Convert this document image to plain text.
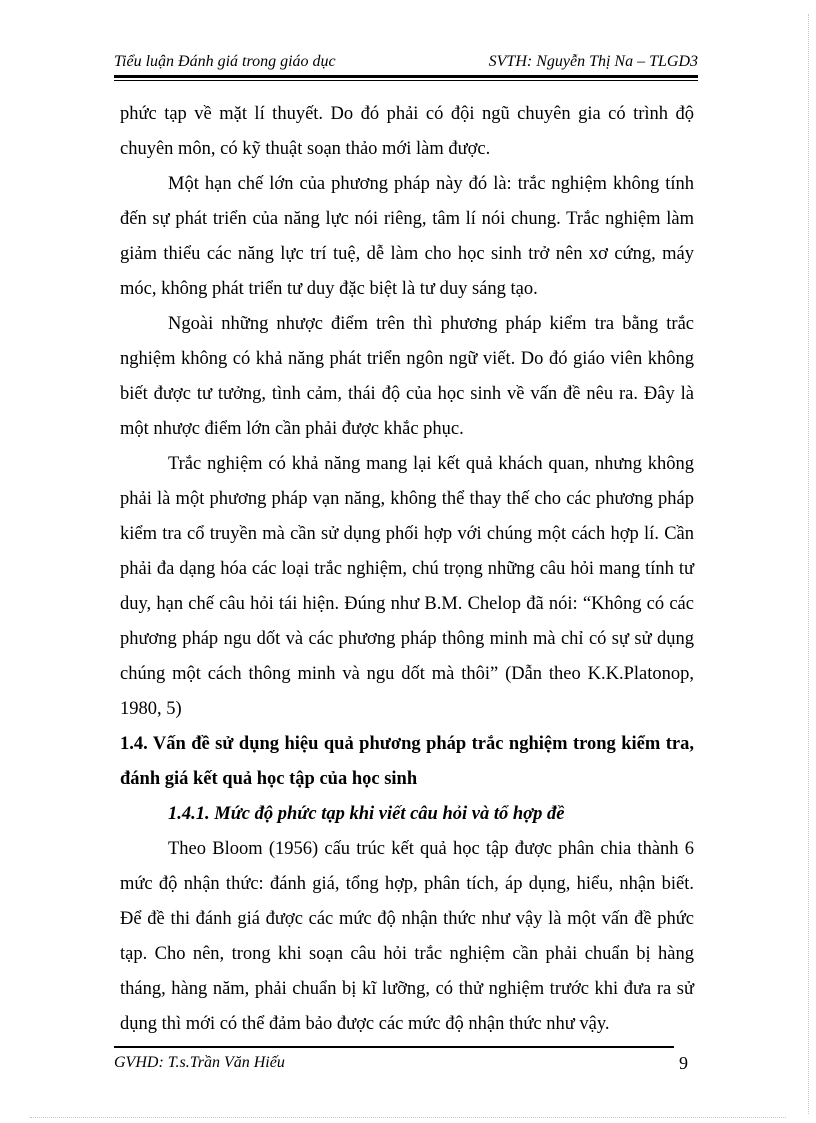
Tiểu luận Đánh giá trong giáo dục	SVTH: Nguyễn Thị Na – TLGD3

phức tạp về mặt lí thuyết. Do đó phải có đội ngũ chuyên gia có trình độ chuyên môn, có kỹ thuật soạn thảo mới làm được.

Một hạn chế lớn của phương pháp này đó là: trắc nghiệm không tính đến sự phát triển của năng lực nói riêng, tâm lí nói chung. Trắc nghiệm làm giảm thiểu các năng lực trí tuệ, dễ làm cho học sinh trở nên xơ cứng, máy móc, không phát triển tư duy đặc biệt là tư duy sáng tạo.

Ngoài những nhược điểm trên thì phương pháp kiểm tra bằng trắc nghiệm không có khả năng phát triển ngôn ngữ viết. Do đó giáo viên không biết được tư tưởng, tình cảm, thái độ của học sinh về vấn đề nêu ra. Đây là một nhược điểm lớn cần phải được khắc phục.

Trắc nghiệm có khả năng mang lại kết quả khách quan, nhưng không phải là một phương pháp vạn năng, không thể thay thế cho các phương pháp kiểm tra cổ truyền mà cần sử dụng phối hợp với chúng một cách hợp lí. Cần phải đa dạng hóa các loại trắc nghiệm, chú trọng những câu hỏi mang tính tư duy, hạn chế câu hỏi tái hiện. Đúng như B.M. Chelop đã nói: “Không có các phương pháp ngu dốt và các phương pháp thông minh mà chỉ có sự sử dụng chúng một cách thông minh và ngu dốt mà thôi” (Dẫn theo K.K.Platonop, 1980, 5)

1.4. Vấn đề sử dụng hiệu quả phương pháp trắc nghiệm trong kiểm tra, đánh giá kết quả học tập của học sinh
1.4.1. Mức độ phức tạp khi viết câu hỏi và tổ hợp đề

Theo Bloom (1956) cấu trúc kết quả học tập được phân chia thành 6 mức độ nhận thức: đánh giá, tổng hợp, phân tích, áp dụng, hiểu, nhận biết. Để đề thi đánh giá được các mức độ nhận thức như vậy là một vấn đề phức tạp. Cho nên, trong khi soạn câu hỏi trắc nghiệm cần phải chuẩn bị hàng tháng, hàng năm, phải chuẩn bị kĩ lưỡng, có thử nghiệm trước khi đưa ra sử dụng thì mới có thể đảm bảo được các mức độ nhận thức như vậy.

GVHD: T.s.Trần Văn Hiếu	9
